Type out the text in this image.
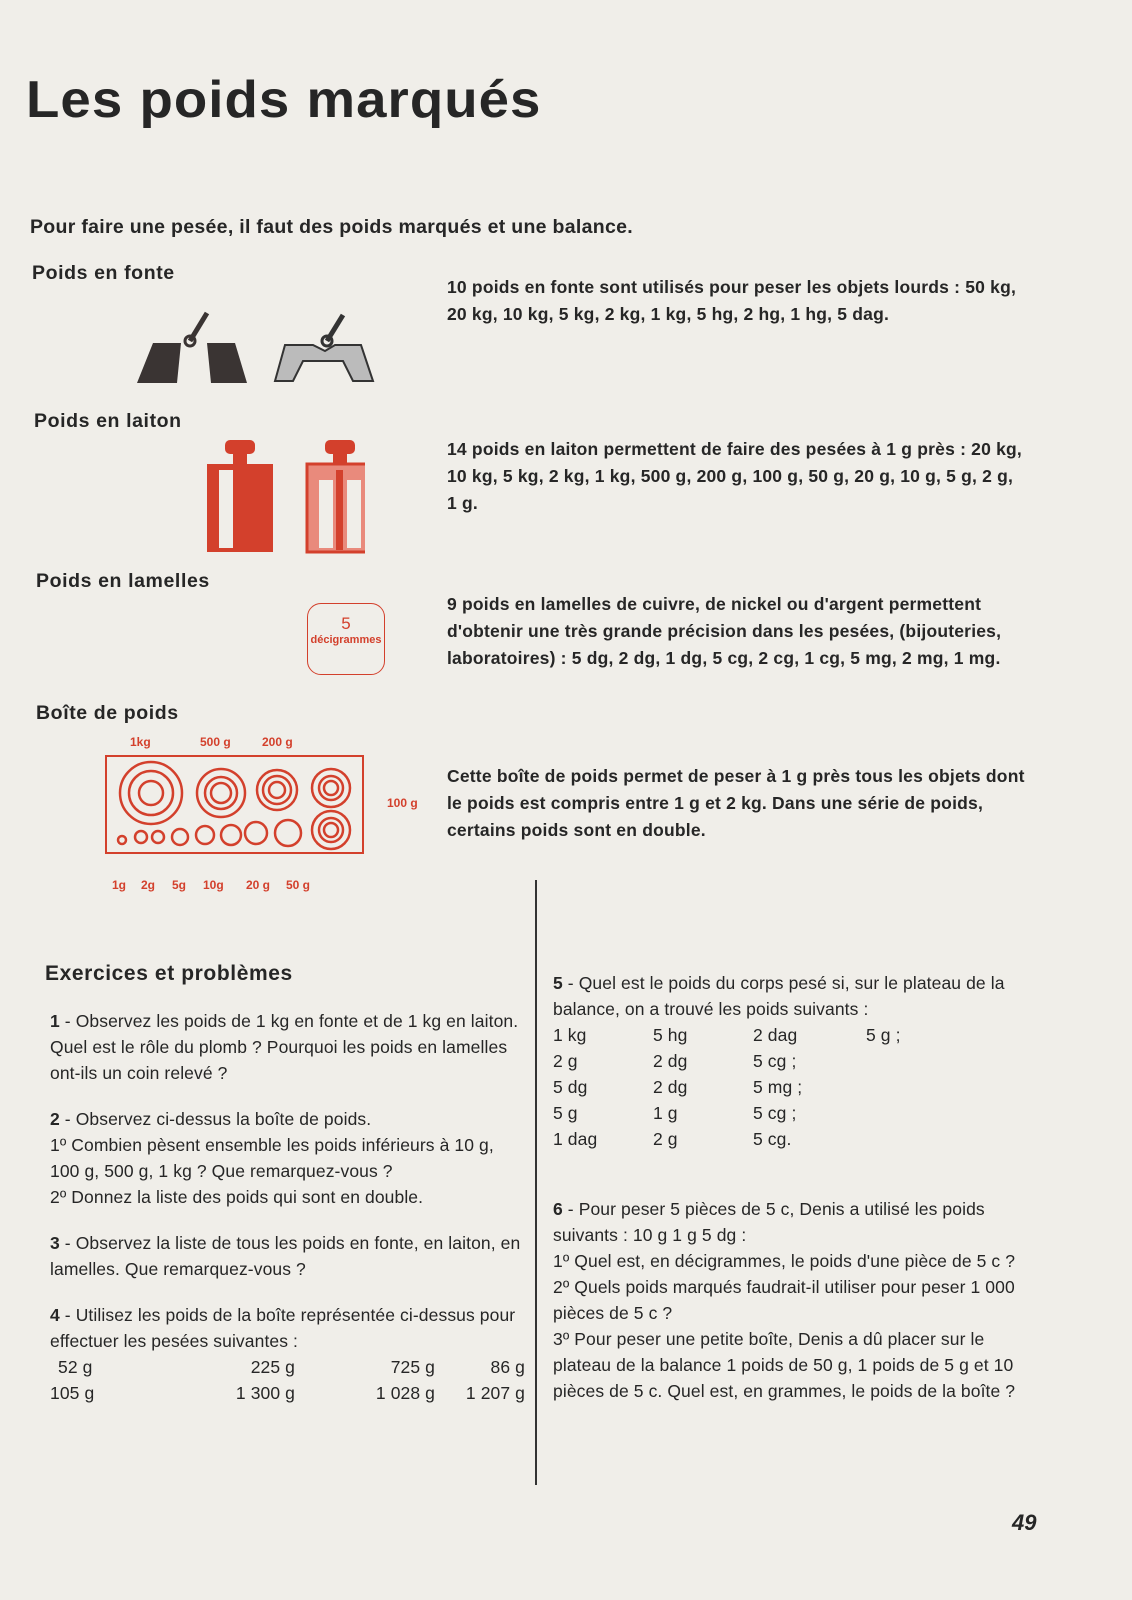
Les poids marqués
Pour faire une pesée, il faut des poids marqués et une balance.
Poids en fonte
10 poids en fonte sont utilisés pour peser les objets lourds : 50 kg, 20 kg, 10 kg, 5 kg, 2 kg, 1 kg, 5 hg, 2 hg, 1 hg, 5 dag.
Poids en laiton
14 poids en laiton permettent de faire des pesées à 1 g près : 20 kg, 10 kg, 5 kg, 2 kg, 1 kg, 500 g, 200 g, 100 g, 50 g, 20 g, 10 g, 5 g, 2 g, 1 g.
Poids en lamelles
9 poids en lamelles de cuivre, de nickel ou d'argent permettent d'obtenir une très grande précision dans les pesées, (bijouteries, laboratoires) : 5 dg, 2 dg, 1 dg, 5 cg, 2 cg, 1 cg, 5 mg, 2 mg, 1 mg.
5
décigrammes
Boîte de poids
Cette boîte de poids permet de peser à 1 g près tous les objets dont le poids est compris entre 1 g et 2 kg. Dans une série de poids, certains poids sont en double.
1kg	500 g	200 g
100 g
1g 2g 5g 10g 20 g 50 g
Exercices et problèmes
1 - Observez les poids de 1 kg en fonte et de 1 kg en laiton. Quel est le rôle du plomb ? Pourquoi les poids en lamelles ont-ils un coin relevé ?
2 - Observez ci-dessus la boîte de poids.
1º Combien pèsent ensemble les poids inférieurs à 10 g, 100 g, 500 g, 1 kg ? Que remarquez-vous ?
2º Donnez la liste des poids qui sont en double.
3 - Observez la liste de tous les poids en fonte, en laiton, en lamelles. Que remarquez-vous ?
4 - Utilisez les poids de la boîte représentée ci-dessus pour effectuer les pesées suivantes :
52 g	225 g	725 g	86 g
105 g	1 300 g	1 028 g	1 207 g
5 - Quel est le poids du corps pesé si, sur le plateau de la balance, on a trouvé les poids suivants :
1 kg	5 hg	2 dag	5 g ;
2 g	2 dg	5 cg ;
5 dg	2 dg	5 mg ;
5 g	1 g	5 cg ;
1 dag	2 g	5 cg.
6 - Pour peser 5 pièces de 5 c, Denis a utilisé les poids suivants : 10 g 1 g 5 dg :
1º Quel est, en décigrammes, le poids d'une pièce de 5 c ?
2º Quels poids marqués faudrait-il utiliser pour peser 1 000 pièces de 5 c ?
3º Pour peser une petite boîte, Denis a dû placer sur le plateau de la balance 1 poids de 50 g, 1 poids de 5 g et 10 pièces de 5 c. Quel est, en grammes, le poids de la boîte ?
49
